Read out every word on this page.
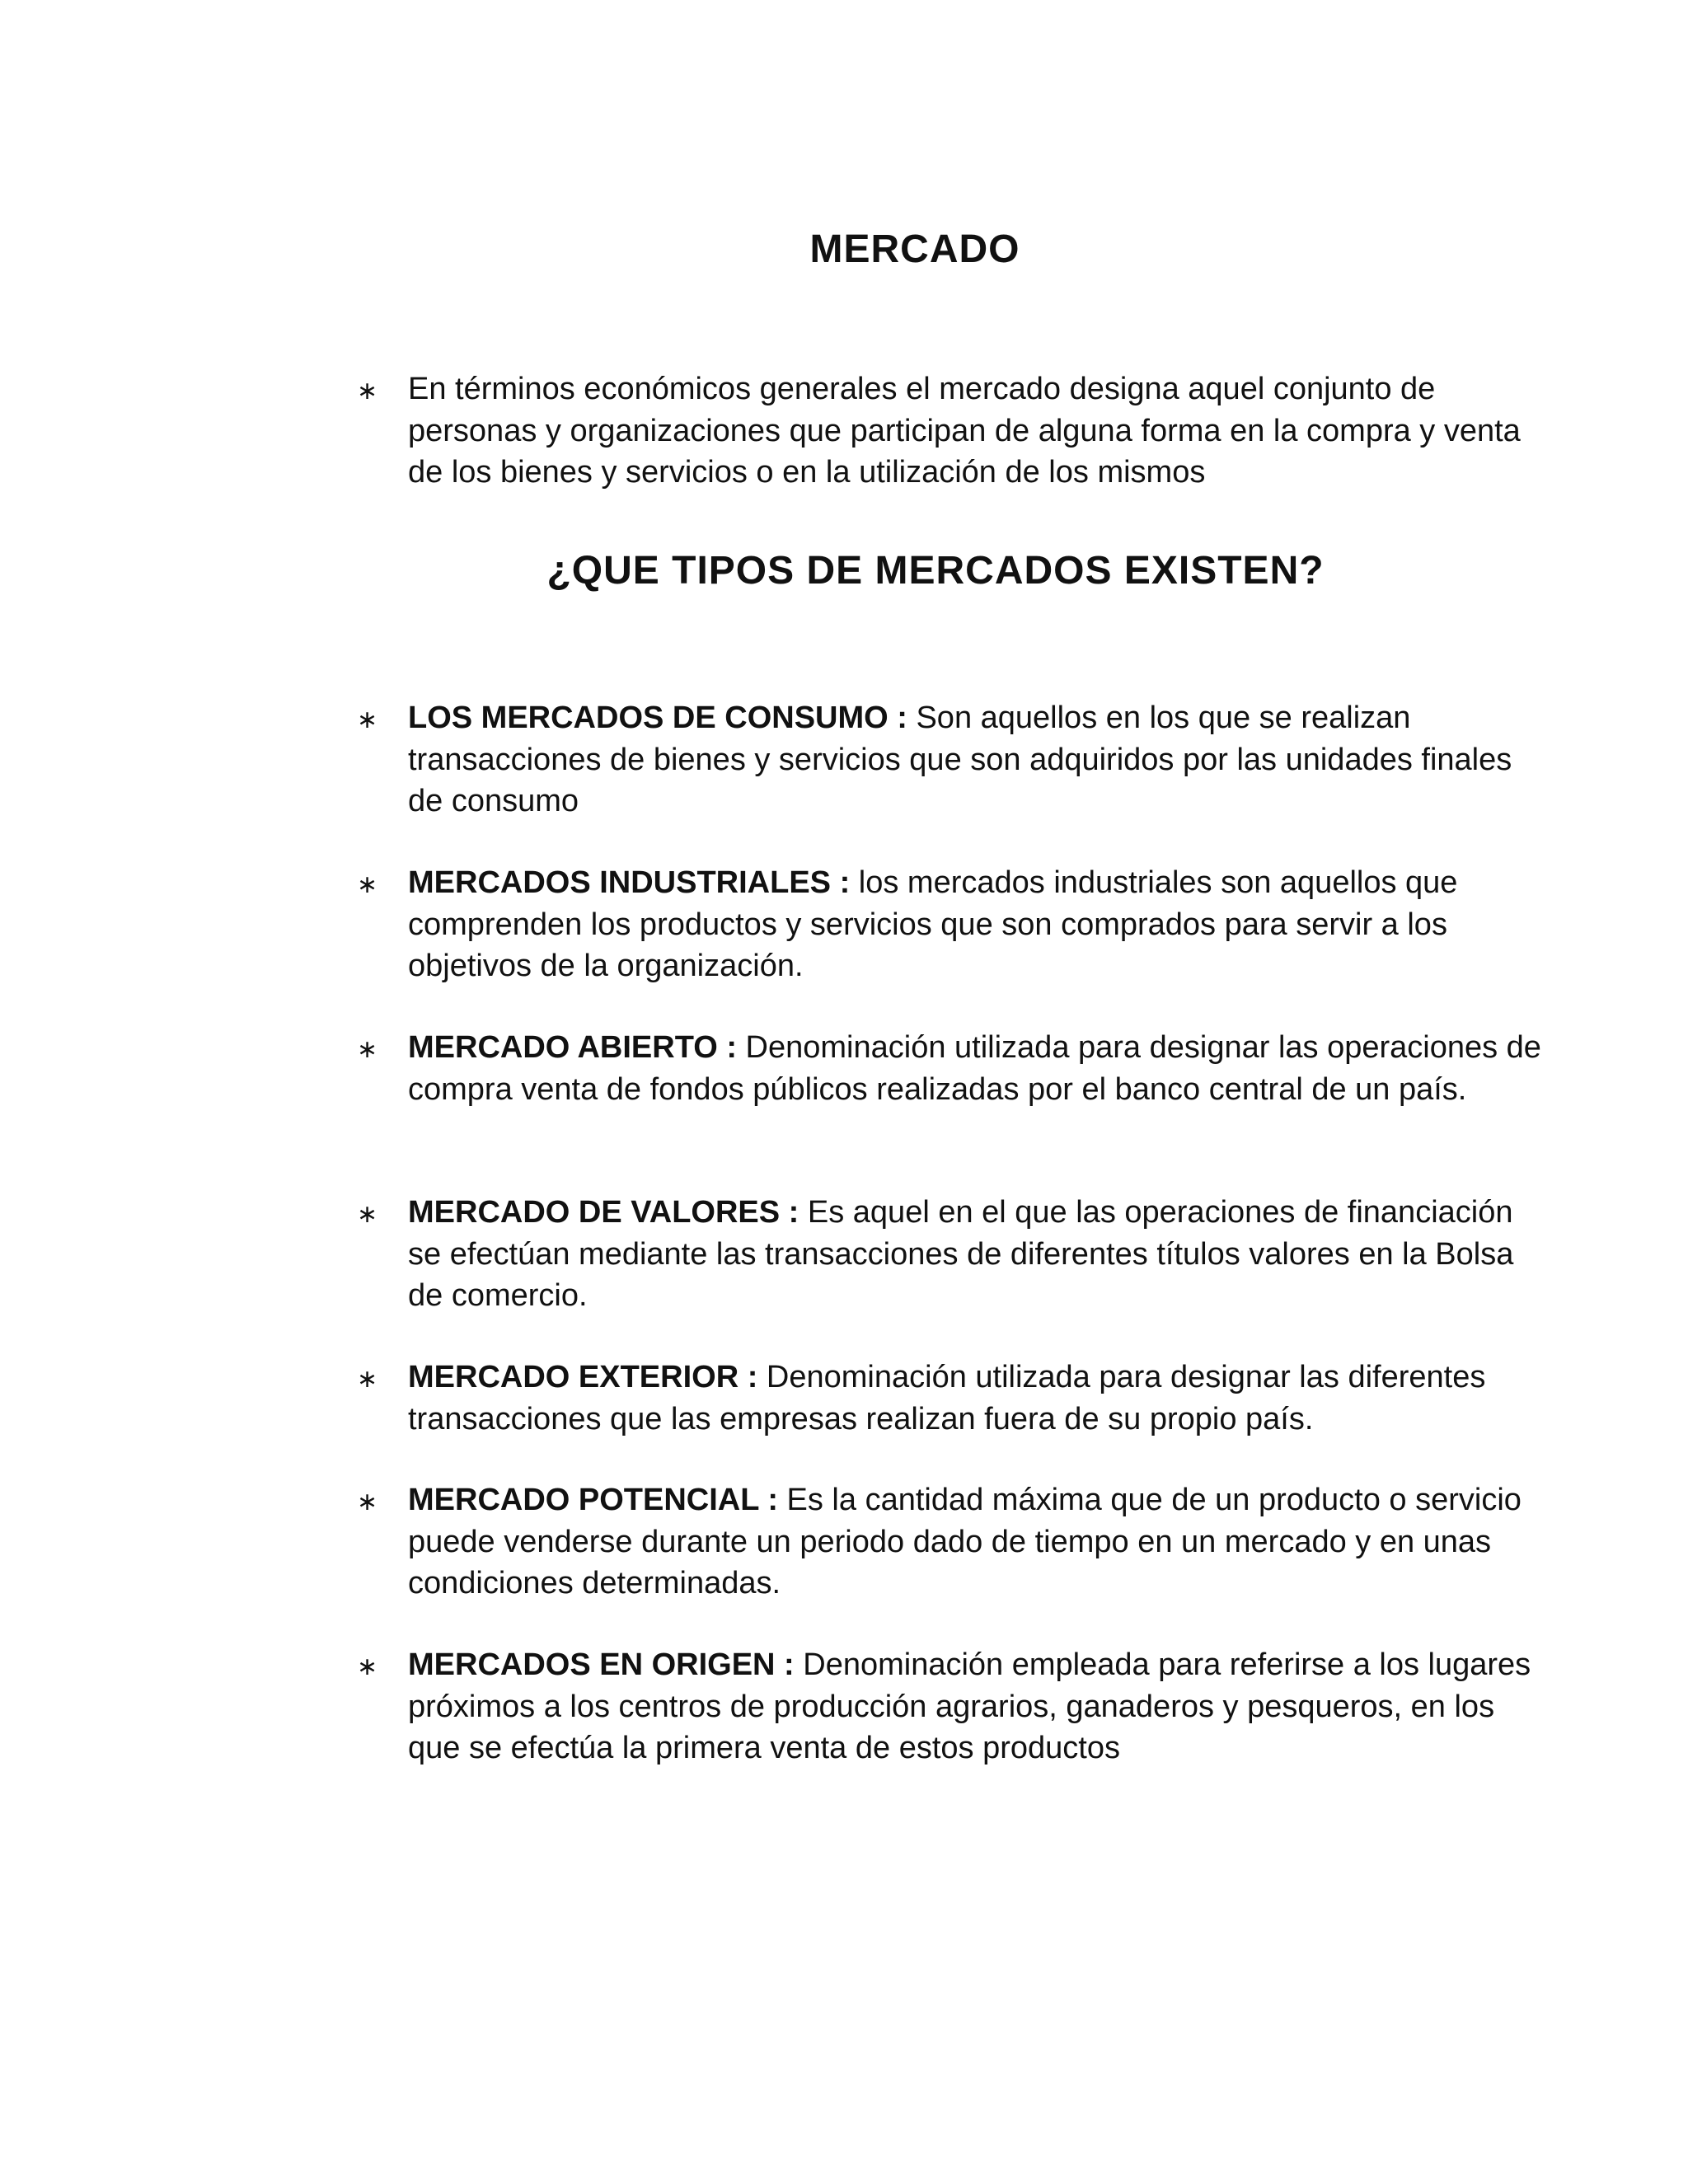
MERCADO
∗ En términos económicos generales el mercado designa aquel conjunto de personas y organizaciones que participan de alguna forma en la compra y venta de los bienes y servicios o en la utilización de los mismos

¿QUE TIPOS DE MERCADOS EXISTEN?
∗ LOS MERCADOS DE CONSUMO : Son aquellos en los que se realizan transacciones de bienes y servicios que son adquiridos por las unidades finales de consumo

∗ MERCADOS INDUSTRIALES : los mercados industriales son aquellos que comprenden los productos y servicios que son comprados para servir a los objetivos de la organización.

∗ MERCADO ABIERTO : Denominación utilizada para designar las operaciones de compra venta de fondos públicos realizadas por el banco central de un país.

∗ MERCADO DE VALORES : Es aquel en el que las operaciones de financiación se efectúan mediante las transacciones de diferentes títulos valores en la Bolsa de comercio.

∗ MERCADO EXTERIOR : Denominación utilizada para designar las diferentes transacciones que las empresas realizan fuera de su propio país.

∗ MERCADO POTENCIAL : Es la cantidad máxima que de un producto o servicio puede venderse durante un periodo dado de tiempo en un mercado y en unas condiciones determinadas.

∗ MERCADOS EN ORIGEN : Denominación empleada para referirse a los lugares próximos a los centros de producción agrarios, ganaderos y pesqueros, en los que se efectúa la primera venta de estos productos
